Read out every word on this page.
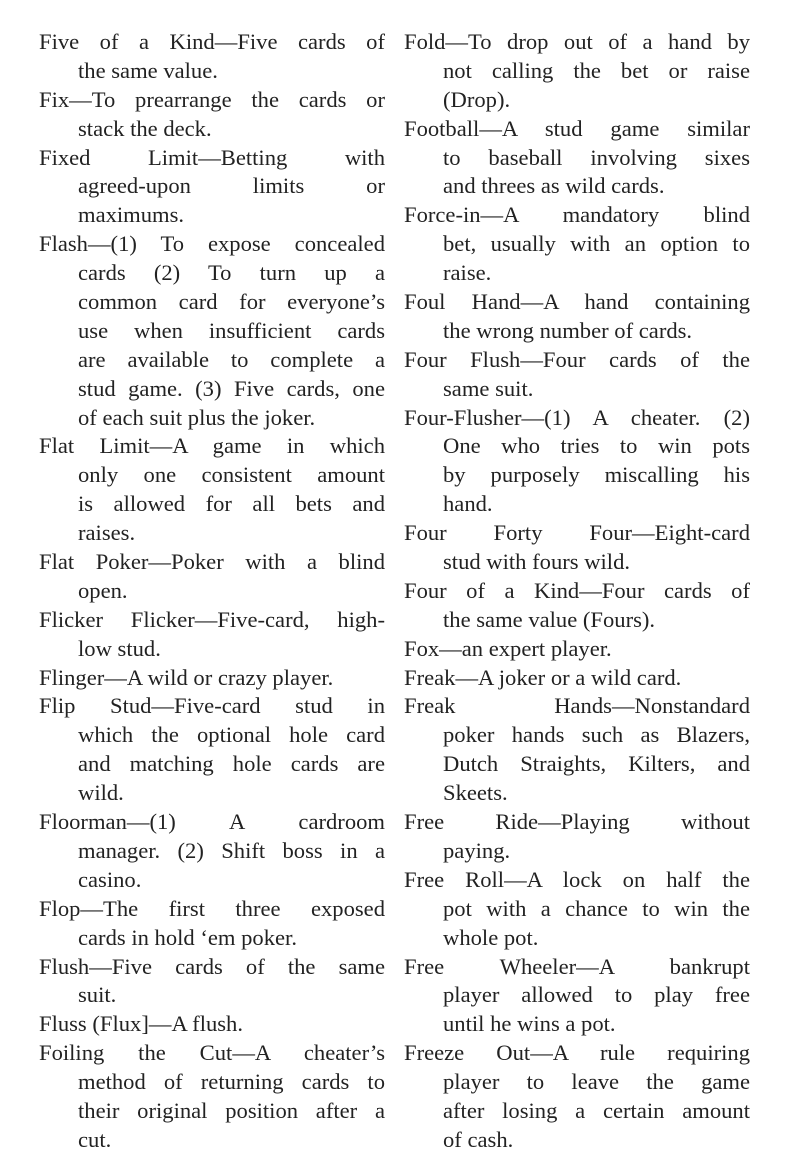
Five of a Kind—Five cards of
the same value.
Fix—To prearrange the cards or
stack the deck.
Fixed Limit—Betting with
agreed-upon limits or
maximums.
Flash—(1) To expose concealed
cards (2) To turn up a
common card for everyone’s
use when insufficient cards
are available to complete a
stud game. (3) Five cards, one
of each suit plus the joker.
Flat Limit—A game in which
only one consistent amount
is allowed for all bets and
raises.
Flat Poker—Poker with a blind
open.
Flicker Flicker—Five-card, high-
low stud.
Flinger—A wild or crazy player.
Flip Stud—Five-card stud in
which the optional hole card
and matching hole cards are
wild.
Floorman—(1) A cardroom
manager. (2) Shift boss in a
casino.
Flop—The first three exposed
cards in hold ‘em poker.
Flush—Five cards of the same
suit.
Fluss (Flux]—A flush.
Foiling the Cut—A cheater’s
method of returning cards to
their original position after a
cut.
Fold—To drop out of a hand by
not calling the bet or raise
(Drop).
Football—A stud game similar
to baseball involving sixes
and threes as wild cards.
Force-in—A mandatory blind
bet, usually with an option to
raise.
Foul Hand—A hand containing
the wrong number of cards.
Four Flush—Four cards of the
same suit.
Four-Flusher—(1) A cheater. (2)
One who tries to win pots
by purposely miscalling his
hand.
Four Forty Four—Eight-card
stud with fours wild.
Four of a Kind—Four cards of
the same value (Fours).
Fox—an expert player.
Freak—A joker or a wild card.
Freak Hands—Nonstandard
poker hands such as Blazers,
Dutch Straights, Kilters, and
Skeets.
Free Ride—Playing without
paying.
Free Roll—A lock on half the
pot with a chance to win the
whole pot.
Free Wheeler—A bankrupt
player allowed to play free
until he wins a pot.
Freeze Out—A rule requiring
player to leave the game
after losing a certain amount
of cash.
